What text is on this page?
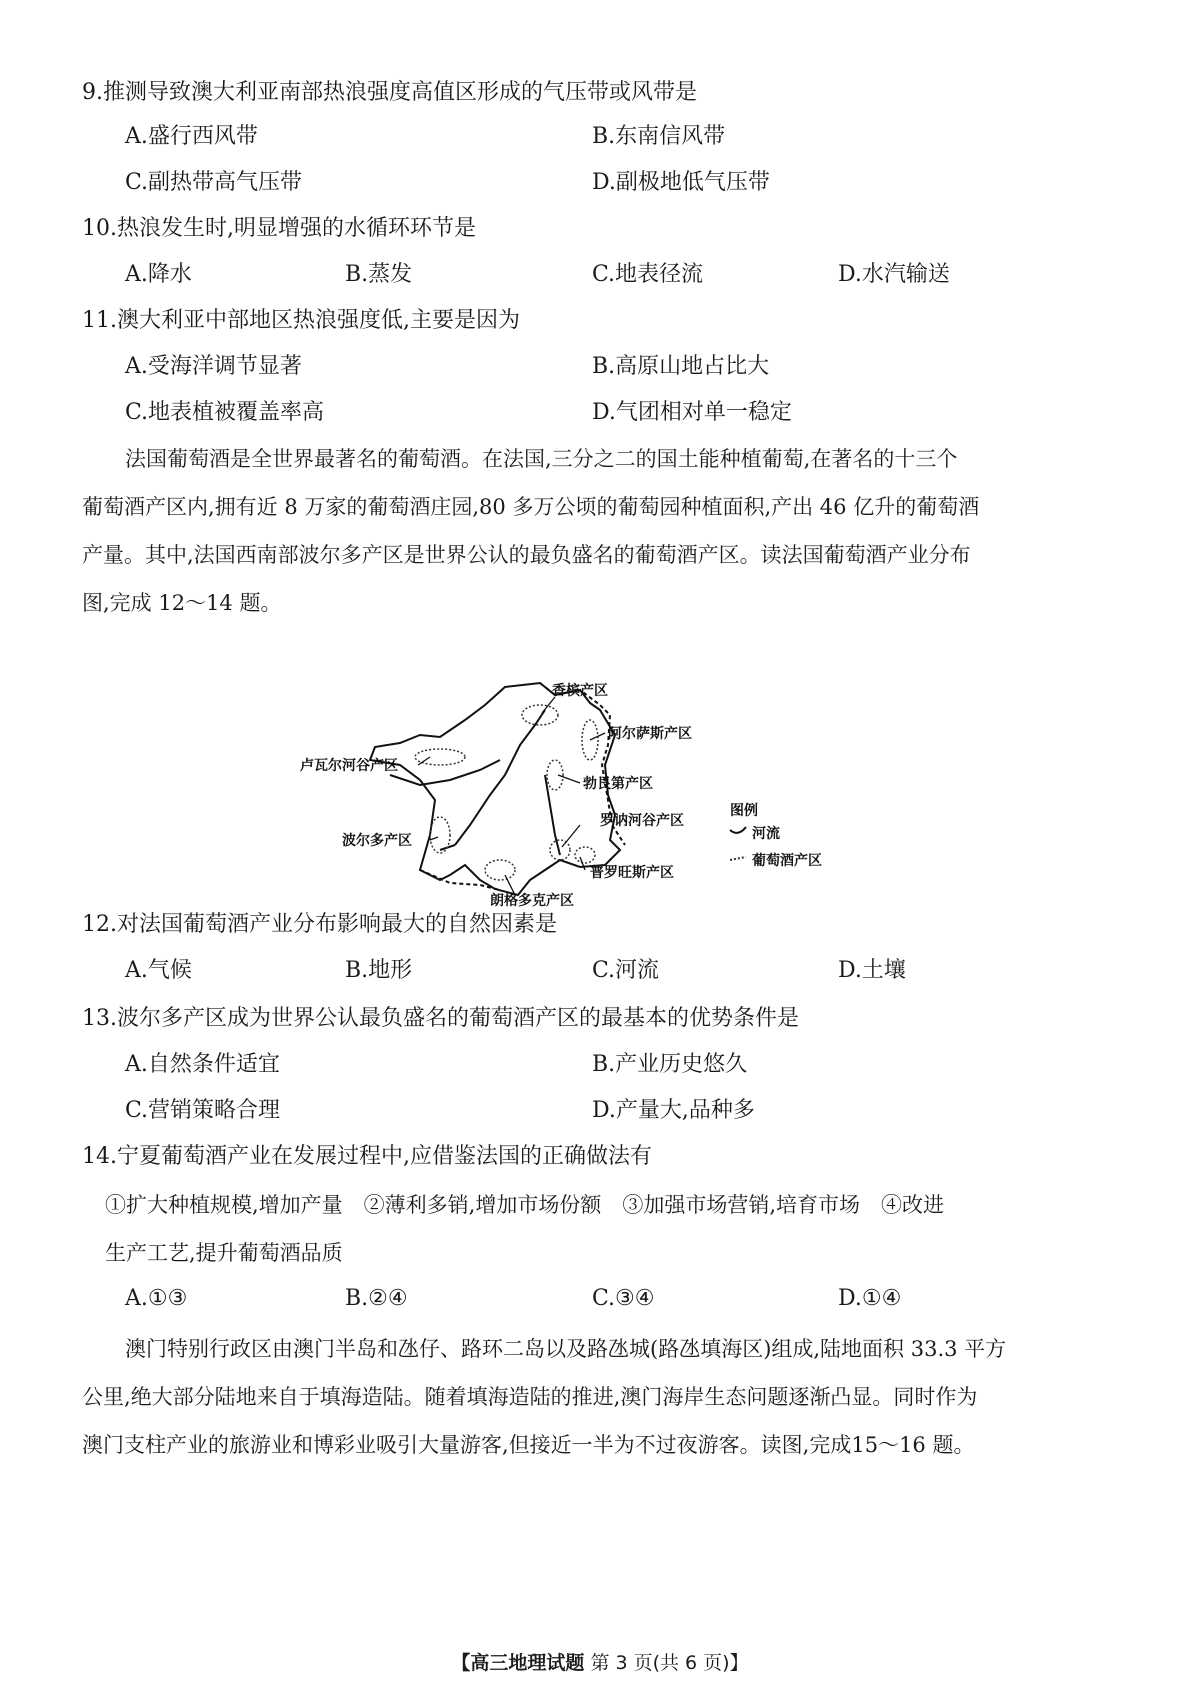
9.推测导致澳大利亚南部热浪强度高值区形成的气压带或风带是
A.盛行西风带	B.东南信风带
C.副热带高气压带	D.副极地低气压带
10.热浪发生时,明显增强的水循环环节是
A.降水	B.蒸发	C.地表径流	D.水汽输送
11.澳大利亚中部地区热浪强度低,主要是因为
A.受海洋调节显著	B.高原山地占比大
C.地表植被覆盖率高	D.气团相对单一稳定
法国葡萄酒是全世界最著名的葡萄酒。在法国,三分之二的国土能种植葡萄,在著名的十三个
葡萄酒产区内,拥有近 8 万家的葡萄酒庄园,80 多万公顷的葡萄园种植面积,产出 46 亿升的葡萄酒
产量。其中,法国西南部波尔多产区是世界公认的最负盛名的葡萄酒产区。读法国葡萄酒产业分布
图,完成 12～14 题。
香槟产区
阿尔萨斯产区
卢瓦尔河谷产区
勃艮第产区
罗讷河谷产区
波尔多产区
普罗旺斯产区
朗格多克产区
图例
河流
葡萄酒产区
12.对法国葡萄酒产业分布影响最大的自然因素是
A.气候	B.地形	C.河流	D.土壤
13.波尔多产区成为世界公认最负盛名的葡萄酒产区的最基本的优势条件是
A.自然条件适宜	B.产业历史悠久
C.营销策略合理	D.产量大,品种多
14.宁夏葡萄酒产业在发展过程中,应借鉴法国的正确做法有
①扩大种植规模,增加产量　②薄利多销,增加市场份额　③加强市场营销,培育市场　④改进
生产工艺,提升葡萄酒品质
A.①③	B.②④	C.③④	D.①④
澳门特别行政区由澳门半岛和氹仔、路环二岛以及路氹城(路氹填海区)组成,陆地面积 33.3 平方
公里,绝大部分陆地来自于填海造陆。随着填海造陆的推进,澳门海岸生态问题逐渐凸显。同时作为
澳门支柱产业的旅游业和博彩业吸引大量游客,但接近一半为不过夜游客。读图,完成15～16 题。
【高三地理试题 第 3 页(共 6 页)】
